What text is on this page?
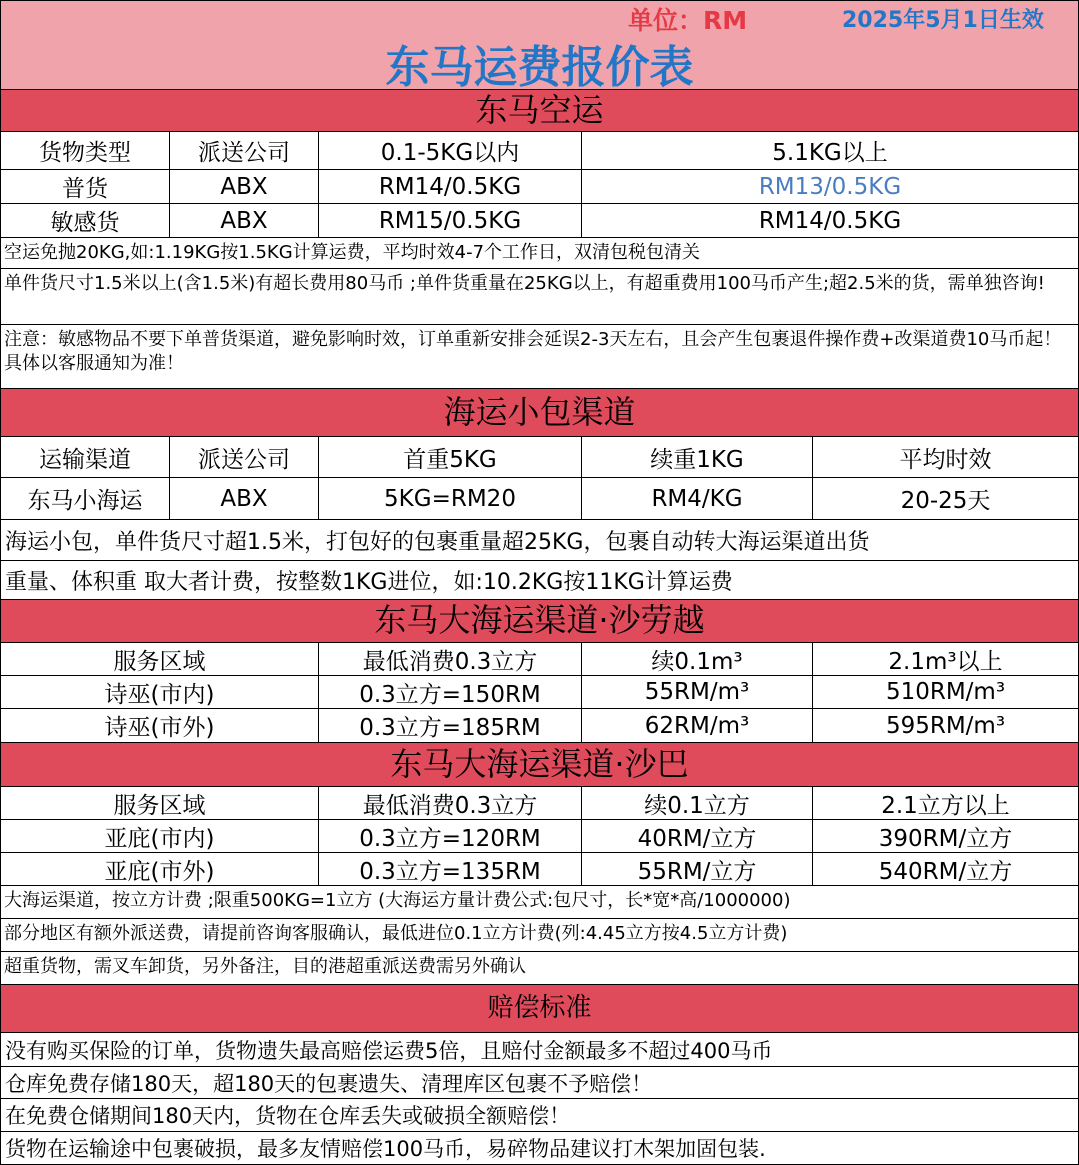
单位：RM	2025年5月1日生效
东马运费报价表
东马空运
货物类型	派送公司	0.1-5KG以内	5.1KG以上
普货	ABX	RM14/0.5KG	RM13/0.5KG
敏感货	ABX	RM15/0.5KG	RM14/0.5KG
空运免抛20KG,如:1.19KG按1.5KG计算运费，平均时效4-7个工作日，双清包税包清关
单件货尺寸1.5米以上(含1.5米)有超长费用80马币 ;单件货重量在25KG以上，有超重费用100马币产生;超2.5米的货，需单独咨询!
注意：敏感物品不要下单普货渠道，避免影响时效，订单重新安排会延误2-3天左右，且会产生包裹退件操作费+改渠道费10马币起！ 具体以客服通知为准！
海运小包渠道
运输渠道	派送公司	首重5KG	续重1KG	平均时效
东马小海运	ABX	5KG=RM20	RM4/KG	20-25天
海运小包，单件货尺寸超1.5米，打包好的包裹重量超25KG，包裹自动转大海运渠道出货
重量、体积重 取大者计费，按整数1KG进位，如:10.2KG按11KG计算运费
东马大海运渠道·沙劳越
服务区域	最低消费0.3立方	续0.1m³	2.1m³以上
诗巫(市内)	0.3立方=150RM	55RM/m³	510RM/m³
诗巫(市外)	0.3立方=185RM	62RM/m³	595RM/m³
东马大海运渠道·沙巴
服务区域	最低消费0.3立方	续0.1立方	2.1立方以上
亚庇(市内)	0.3立方=120RM	40RM/立方	390RM/立方
亚庇(市外)	0.3立方=135RM	55RM/立方	540RM/立方
大海运渠道，按立方计费 ;限重500KG=1立方 (大海运方量计费公式:包尺寸，长*宽*高/1000000)
部分地区有额外派送费，请提前咨询客服确认，最低进位0.1立方计费(列:4.45立方按4.5立方计费)
超重货物，需叉车卸货，另外备注，目的港超重派送费需另外确认
赔偿标准
没有购买保险的订单，货物遗失最高赔偿运费5倍，且赔付金额最多不超过400马币
仓库免费存储180天，超180天的包裹遗失、清理库区包裹不予赔偿！
在免费仓储期间180天内，货物在仓库丢失或破损全额赔偿！
货物在运输途中包裹破损，最多友情赔偿100马币，易碎物品建议打木架加固包装.
